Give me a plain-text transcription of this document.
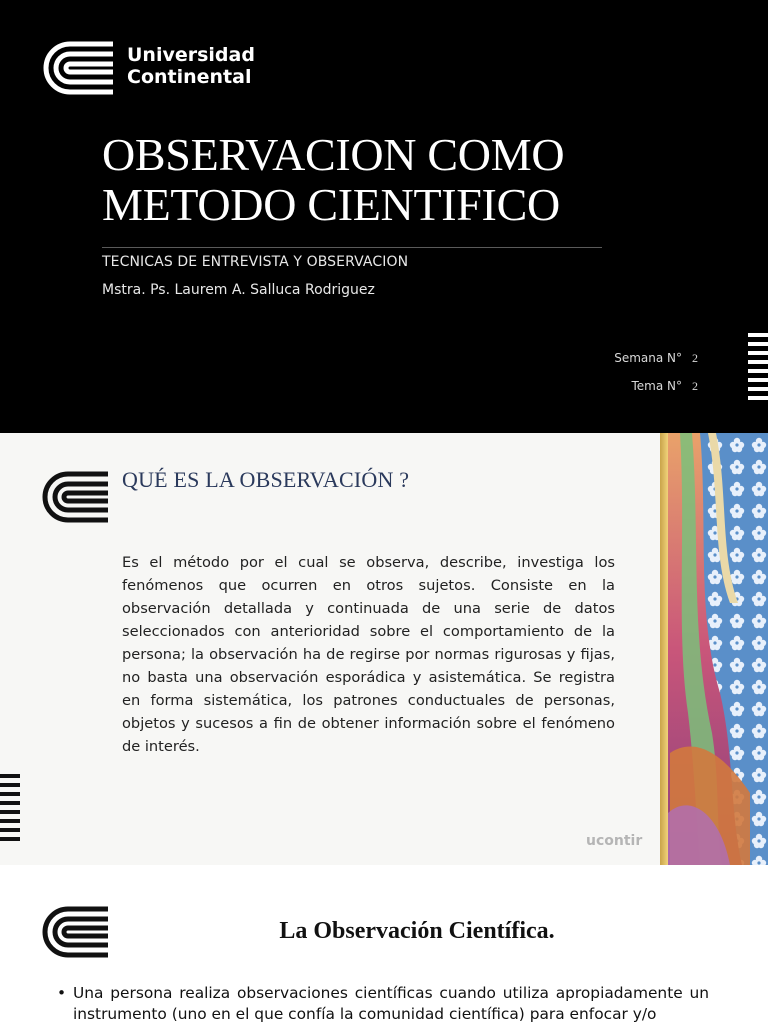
Universidad
Continental
OBSERVACION COMO
METODO CIENTIFICO
TECNICAS DE ENTREVISTA Y OBSERVACION
Mstra. Ps. Laurem A. Salluca Rodriguez
Semana N° 2
Tema N° 2
QUÉ ES LA OBSERVACIÓN ?

Es el método por el cual se observa, describe, investiga los fenómenos que ocurren en otros sujetos. Consiste en la observación detallada y continuada de una serie de datos seleccionados con anterioridad sobre el comportamiento de la persona; la observación ha de regirse por normas rigurosas y fijas, no basta una observación esporádica y asistemática. Se registra en forma sistemática, los patrones conductuales de personas, objetos y sucesos a fin de obtener información sobre el fenómeno de interés.

ucontir
La Observación Científica.
• Una persona realiza observaciones científicas cuando utiliza apropiadamente un instrumento (uno en el que confía la comunidad científica) para enfocar y/o
